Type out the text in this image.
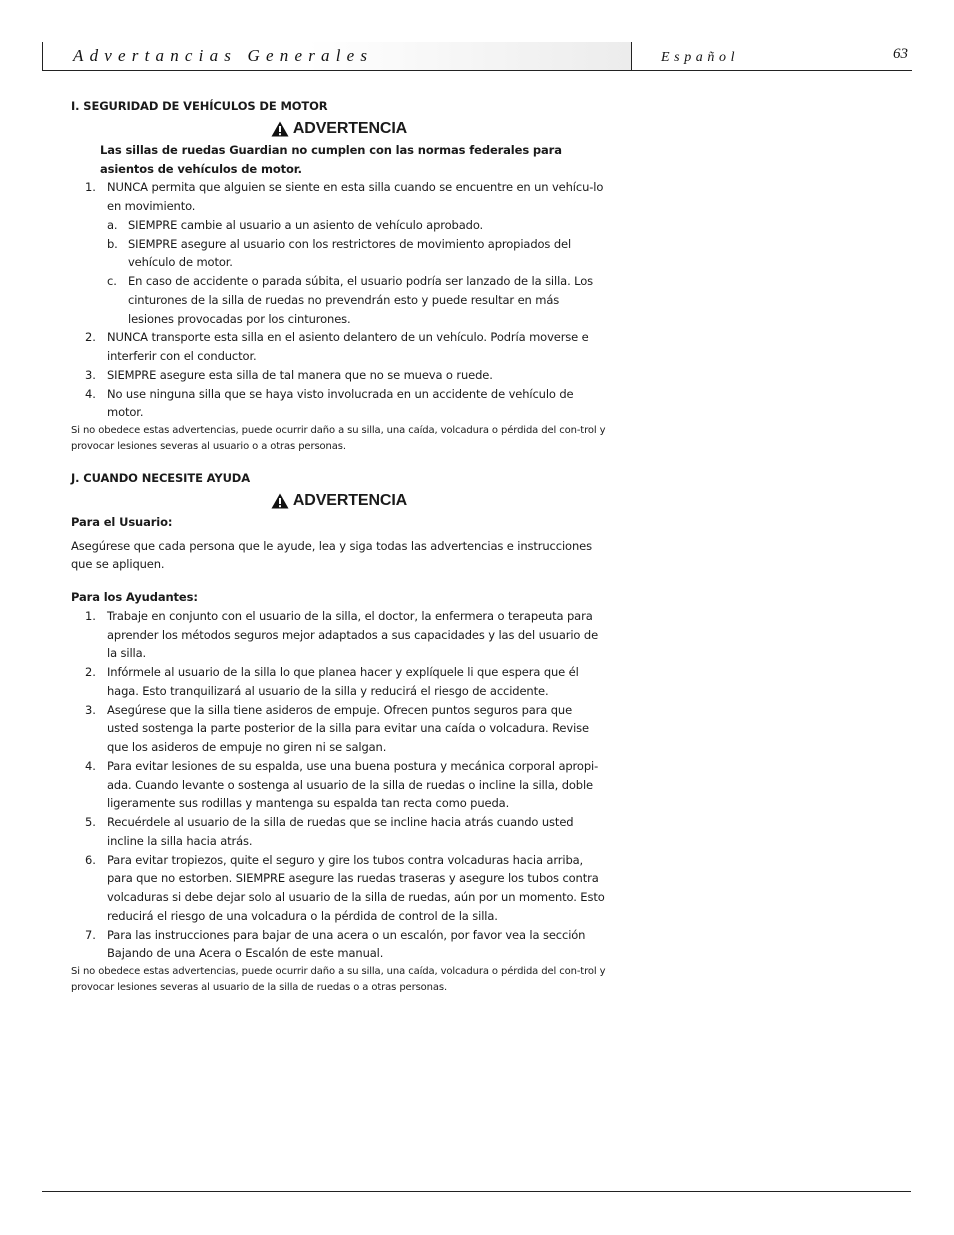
Advertancias Generales	Español	63

I. SEGURIDAD DE VEHÍCULOS DE MOTOR

ADVERTENCIA

Las sillas de ruedas Guardian no cumplen con las normas federales para asientos de vehículos de motor.

1. NUNCA permita que alguien se siente en esta silla cuando se encuentre en un vehícu-lo en movimiento.
a. SIEMPRE cambie al usuario a un asiento de vehículo aprobado.
b. SIEMPRE asegure al usuario con los restrictores de movimiento apropiados del vehículo de motor.
c. En caso de accidente o parada súbita, el usuario podría ser lanzado de la silla. Los cinturones de la silla de ruedas no prevendrán esto y puede resultar en más lesiones provocadas por los cinturones.
2. NUNCA transporte esta silla en el asiento delantero de un vehículo. Podría moverse e interferir con el conductor.
3. SIEMPRE asegure esta silla de tal manera que no se mueva o ruede.
4. No use ninguna silla que se haya visto involucrada en un accidente de vehículo de motor.

Si no obedece estas advertencias, puede ocurrir daño a su silla, una caída, volcadura o pérdida del con-trol y provocar lesiones severas al usuario o a otras personas.

J. CUANDO NECESITE AYUDA

ADVERTENCIA

Para el Usuario:

Asegúrese que cada persona que le ayude, lea y siga todas las advertencias e instrucciones que se apliquen.

Para los Ayudantes:

1. Trabaje en conjunto con el usuario de la silla, el doctor, la enfermera o terapeuta para aprender los métodos seguros mejor adaptados a sus capacidades y las del usuario de la silla.
2. Infórmele al usuario de la silla lo que planea hacer y explíquele li que espera que él haga. Esto tranquilizará al usuario de la silla y reducirá el riesgo de accidente.
3. Asegúrese que la silla tiene asideros de empuje. Ofrecen puntos seguros para que usted sostenga la parte posterior de la silla para evitar una caída o volcadura. Revise que los asideros de empuje no giren ni se salgan.
4. Para evitar lesiones de su espalda, use una buena postura y mecánica corporal apropi-ada. Cuando levante o sostenga al usuario de la silla de ruedas o incline la silla, doble ligeramente sus rodillas y mantenga su espalda tan recta como pueda.
5. Recuérdele al usuario de la silla de ruedas que se incline hacia atrás cuando usted incline la silla hacia atrás.
6. Para evitar tropiezos, quite el seguro y gire los tubos contra volcaduras hacia arriba, para que no estorben. SIEMPRE asegure las ruedas traseras y asegure los tubos contra volcaduras si debe dejar solo al usuario de la silla de ruedas, aún por un momento. Esto reducirá el riesgo de una volcadura o la pérdida de control de la silla.
7. Para las instrucciones para bajar de una acera o un escalón, por favor vea la sección Bajando de una Acera o Escalón de este manual.

Si no obedece estas advertencias, puede ocurrir daño a su silla, una caída, volcadura o pérdida del con-trol y provocar lesiones severas al usuario de la silla de ruedas o a otras personas.
